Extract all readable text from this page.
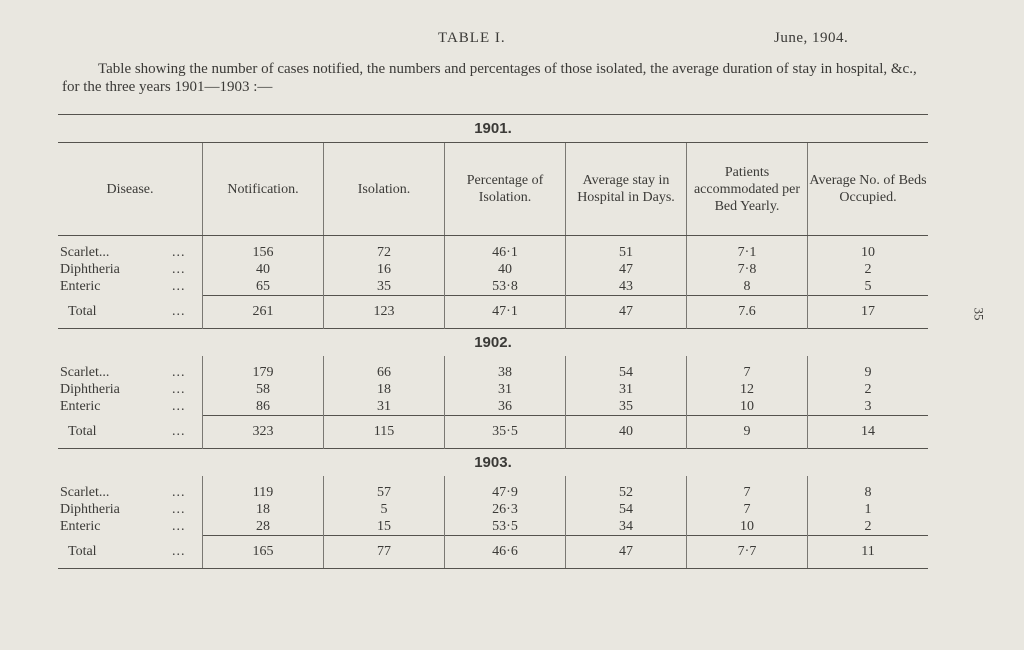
TABLE I.	June, 1904.
Table showing the number of cases notified, the numbers and percentages of those isolated, the average duration of stay in hospital, &c., for the three years 1901—1903 :—
35
1901.							
Disease.		Notification.	Isolation.	Percentage of Isolation.	Average stay in Hospital in Days.	Patients accommodated per Bed Yearly.	Average No. of Beds Occupied.
Scarlet...	...	156	72	46·1	51	7·1	10
Diphtheria	...	40	16	40	47	7·8	2
Enteric	...	65	35	53·8	43	8	5
Total	...	261	123	47·1	47	7.6	17
1902.							
Scarlet...	...	179	66	38	54	7	9
Diphtheria	...	58	18	31	31	12	2
Enteric	...	86	31	36	35	10	3
Total	...	323	115	35·5	40	9	14
1903.							
Scarlet...	...	119	57	47·9	52	7	8
Diphtheria	...	18	5	26·3	54	7	1
Enteric	...	28	15	53·5	34	10	2
Total	...	165	77	46·6	47	7·7	11
